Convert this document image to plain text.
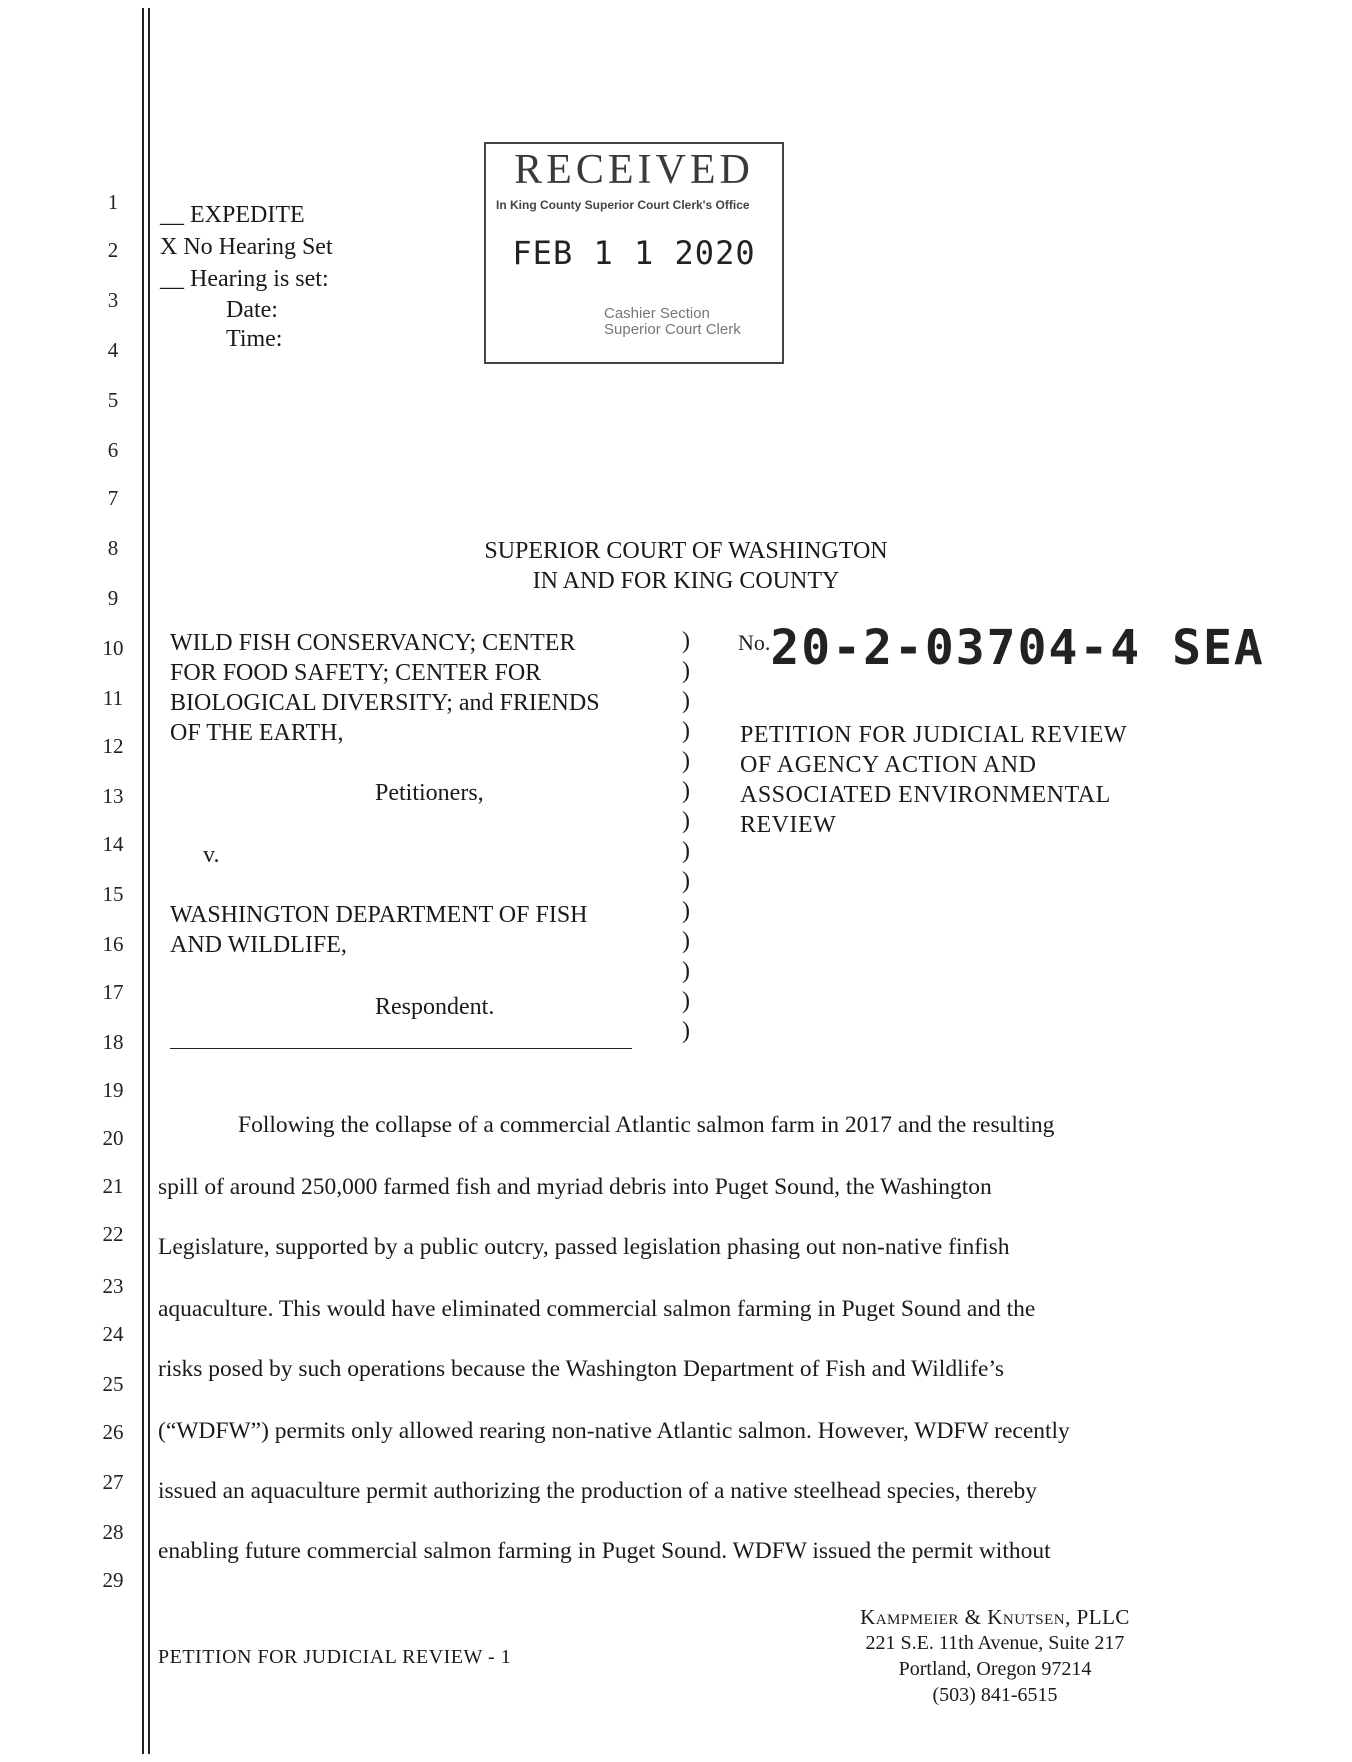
1
2
3
4
5
6
7
8
9
10
11
12
13
14
15
16
17
18
19
20
21
22
23
24
25
26
27
28
29
__ EXPEDITE
X No Hearing Set
__ Hearing is set:
Date:
Time:
RECEIVED
In King County Superior Court Clerk's Office
FEB 1 1 2020
Cashier Section
Superior Court Clerk
SUPERIOR COURT OF WASHINGTON
IN AND FOR KING COUNTY
WILD FISH CONSERVANCY; CENTER
FOR FOOD SAFETY; CENTER FOR
BIOLOGICAL DIVERSITY; and FRIENDS
OF THE EARTH,
Petitioners,
v.
WASHINGTON DEPARTMENT OF FISH
AND WILDLIFE,
Respondent.
)
)
)
)
)
)
)
)
)
)
)
)
)
)
$^{No.}$20-2-03704-4 SEA
PETITION FOR JUDICIAL REVIEW
OF AGENCY ACTION AND
ASSOCIATED ENVIRONMENTAL
REVIEW
Following the collapse of a commercial Atlantic salmon farm in 2017 and the resulting
spill of around 250,000 farmed fish and myriad debris into Puget Sound, the Washington
Legislature, supported by a public outcry, passed legislation phasing out non-native finfish
aquaculture. This would have eliminated commercial salmon farming in Puget Sound and the
risks posed by such operations because the Washington Department of Fish and Wildlife’s
(“WDFW”) permits only allowed rearing non-native Atlantic salmon. However, WDFW recently
issued an aquaculture permit authorizing the production of a native steelhead species, thereby
enabling future commercial salmon farming in Puget Sound. WDFW issued the permit without
PETITION FOR JUDICIAL REVIEW - 1
Kampmeier & Knutsen, PLLC
221 S.E. 11th Avenue, Suite 217
Portland, Oregon 97214
(503) 841-6515
